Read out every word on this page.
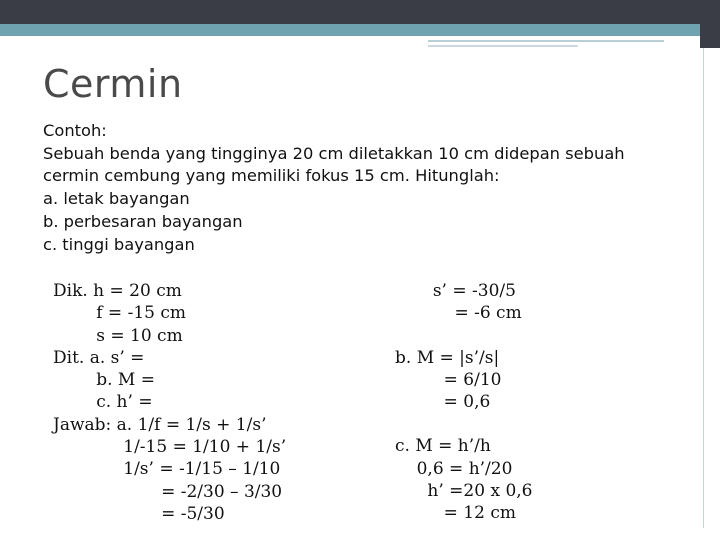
Cermin
Contoh:
Sebuah benda yang tingginya 20 cm diletakkan 10 cm didepan sebuah
cermin cembung yang memiliki fokus 15 cm. Hitunglah:
a. letak bayangan
b. perbesaran bayangan
c. tinggi bayangan
Dik. h = 20 cm
f = -15 cm
s = 10 cm
Dit. a. s’ =
b. M =
c. h’ =
Jawab: a. 1/f = 1/s + 1/s’
1/-15 = 1/10 + 1/s’
1/s’ = -1/15 – 1/10
= -2/30 – 3/30
= -5/30
s’ = -30/5
= -6 cm
b. M = |s’/s|
= 6/10
= 0,6
c. M = h’/h
0,6 = h’/20
h’ =20 x 0,6
= 12 cm
